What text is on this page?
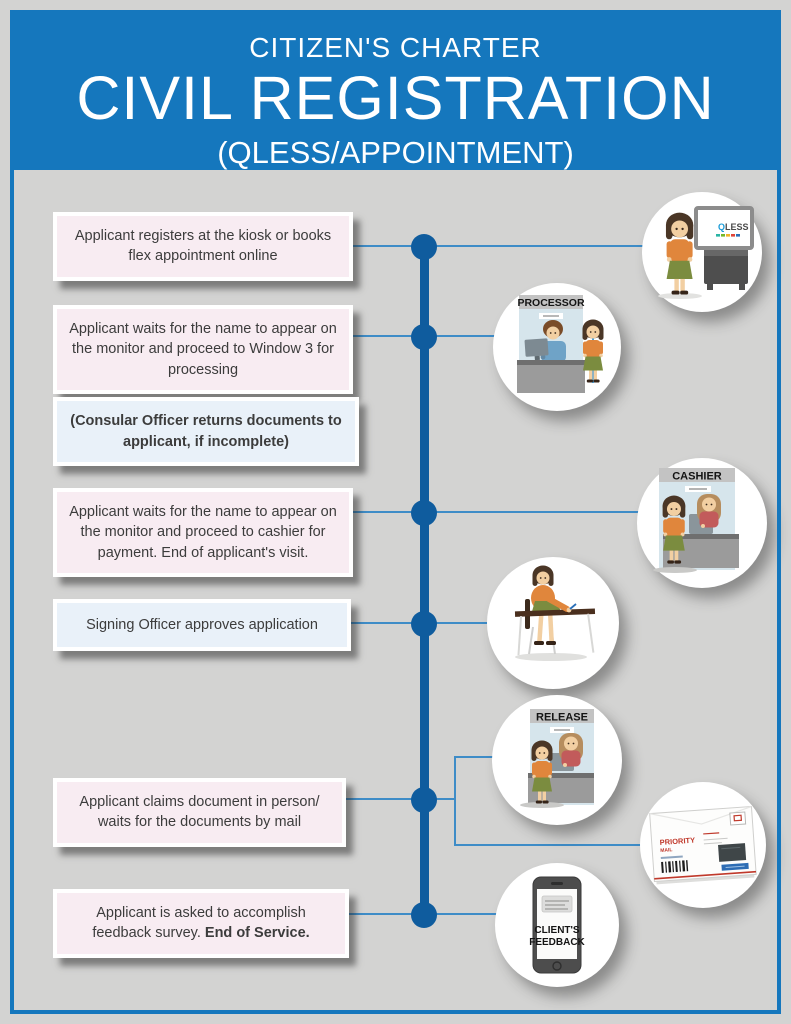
CITIZEN'S CHARTER
CIVIL REGISTRATION
(QLESS/APPOINTMENT)
Applicant registers at the kiosk or books flex appointment online
Applicant waits for the name to appear on the monitor and proceed to Window 3 for processing
(Consular Officer returns documents to applicant, if incomplete)
Applicant waits for the name to appear on the monitor and proceed to cashier for payment. End of applicant's visit.
Signing Officer approves application
Applicant claims document in person/ waits for the documents by mail
Applicant is asked to accomplish feedback survey. End of Service.
Q LESS
PROCESSOR
CASHIER
RELEASE
PRIORITY
MAIL
CLIENT'S
FEEDBACK
